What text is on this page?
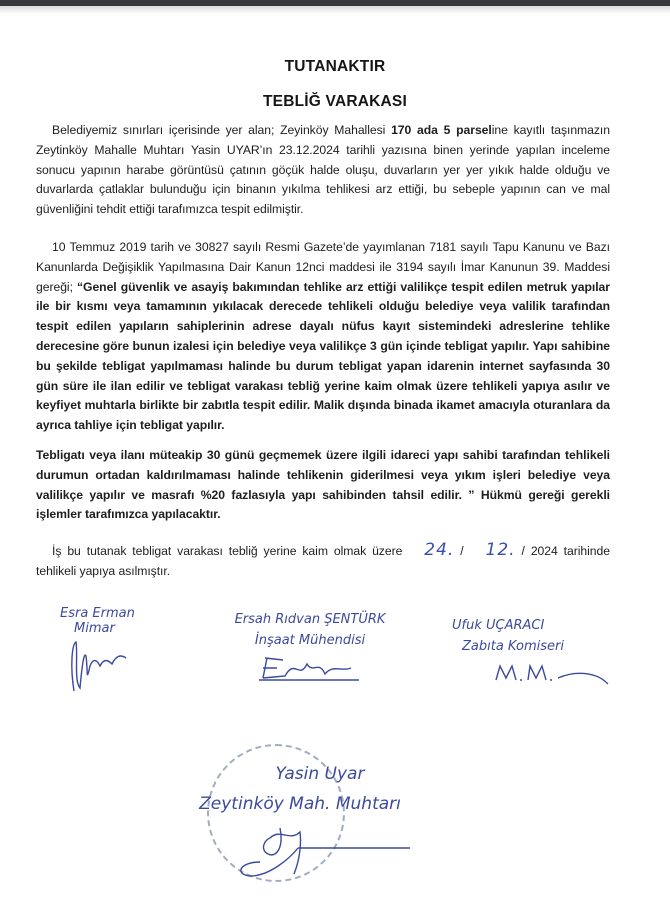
TUTANAKTIR
TEBLİĞ VARAKASI

Belediyemiz sınırları içerisinde yer alan; Zeyinköy Mahallesi 170 ada 5 parseline kayıtlı taşınmazın Zeytinköy Mahalle Muhtarı Yasin UYAR’ın 23.12.2024 tarihli yazısına binen yerinde yapılan inceleme sonucu yapının harabe görüntüsü çatının göçük halde oluşu, duvarların yer yer yıkık halde olduğu ve duvarlarda çatlaklar bulunduğu için binanın yıkılma tehlikesi arz ettiği, bu sebeple yapının can ve mal güvenliğini tehdit ettiği tarafımızca tespit edilmiştir.

10 Temmuz 2019 tarih ve 30827 sayılı Resmi Gazete’de yayımlanan 7181 sayılı Tapu Kanunu ve Bazı Kanunlarda Değişiklik Yapılmasına Dair Kanun 12nci maddesi ile 3194 sayılı İmar Kanunun 39. Maddesi gereği; “Genel güvenlik ve asayiş bakımından tehlike arz ettiği valilikçe tespit edilen metruk yapılar ile bir kısmı veya tamamının yıkılacak derecede tehlikeli olduğu belediye veya valilik tarafından tespit edilen yapıların sahiplerinin adrese dayalı nüfus kayıt sistemindeki adreslerine tehlike derecesine göre bunun izalesi için belediye veya valilikçe 3 gün içinde tebligat yapılır. Yapı sahibine bu şekilde tebligat yapılmaması halinde bu durum tebligat yapan idarenin internet sayfasında 30 gün süre ile ilan edilir ve tebligat varakası tebliğ yerine kaim olmak üzere tehlikeli yapıya asılır ve keyfiyet muhtarla birlikte bir zabıtla tespit edilir. Malik dışında binada ikamet amacıyla oturanlara da ayrıca tahliye için tebligat yapılır.

Tebligatı veya ilanı müteakip 30 günü geçmemek üzere ilgili idareci yapı sahibi tarafından tehlikeli durumun ortadan kaldırılmaması halinde tehlikenin giderilmesi veya yıkım işleri belediye veya valilikçe yapılır ve masrafı %20 fazlasıyla yapı sahibinden tahsil edilir. ” Hükmü gereği gerekli işlemler tarafımızca yapılacaktır.

İş bu tutanak tebligat varakası tebliğ yerine kaim olmak üzere 24. / 12. / 2024 tarihinde tehlikeli yapıya asılmıştır.

Esra Erman
Mimar
Ersah Rıdvan ŞENTÜRK
İnşaat Mühendisi
Ufuk UÇARACI
Zabıta Komiseri
Yasin Uyar
Zeytinköy Mah. Muhtarı
